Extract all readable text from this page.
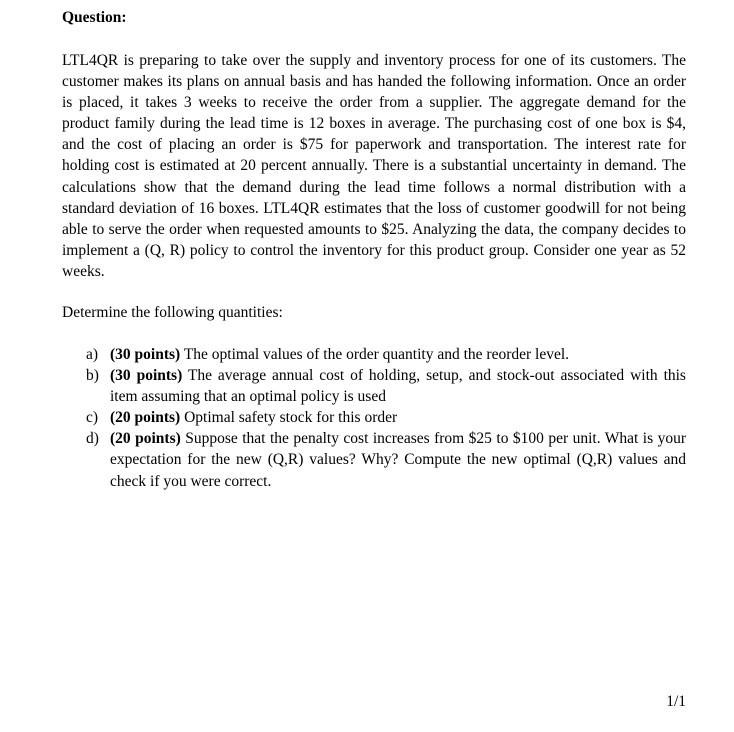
Question:

LTL4QR is preparing to take over the supply and inventory process for one of its customers. The customer makes its plans on annual basis and has handed the following information. Once an order is placed, it takes 3 weeks to receive the order from a supplier. The aggregate demand for the product family during the lead time is 12 boxes in average. The purchasing cost of one box is $4, and the cost of placing an order is $75 for paperwork and transportation. The interest rate for holding cost is estimated at 20 percent annually. There is a substantial uncertainty in demand. The calculations show that the demand during the lead time follows a normal distribution with a standard deviation of 16 boxes. LTL4QR estimates that the loss of customer goodwill for not being able to serve the order when requested amounts to $25. Analyzing the data, the company decides to implement a (Q, R) policy to control the inventory for this product group. Consider one year as 52 weeks.

Determine the following quantities:

a) (30 points) The optimal values of the order quantity and the reorder level.
b) (30 points) The average annual cost of holding, setup, and stock-out associated with this item assuming that an optimal policy is used
c) (20 points) Optimal safety stock for this order
d) (20 points) Suppose that the penalty cost increases from $25 to $100 per unit. What is your expectation for the new (Q,R) values? Why? Compute the new optimal (Q,R) values and check if you were correct.

1/1
